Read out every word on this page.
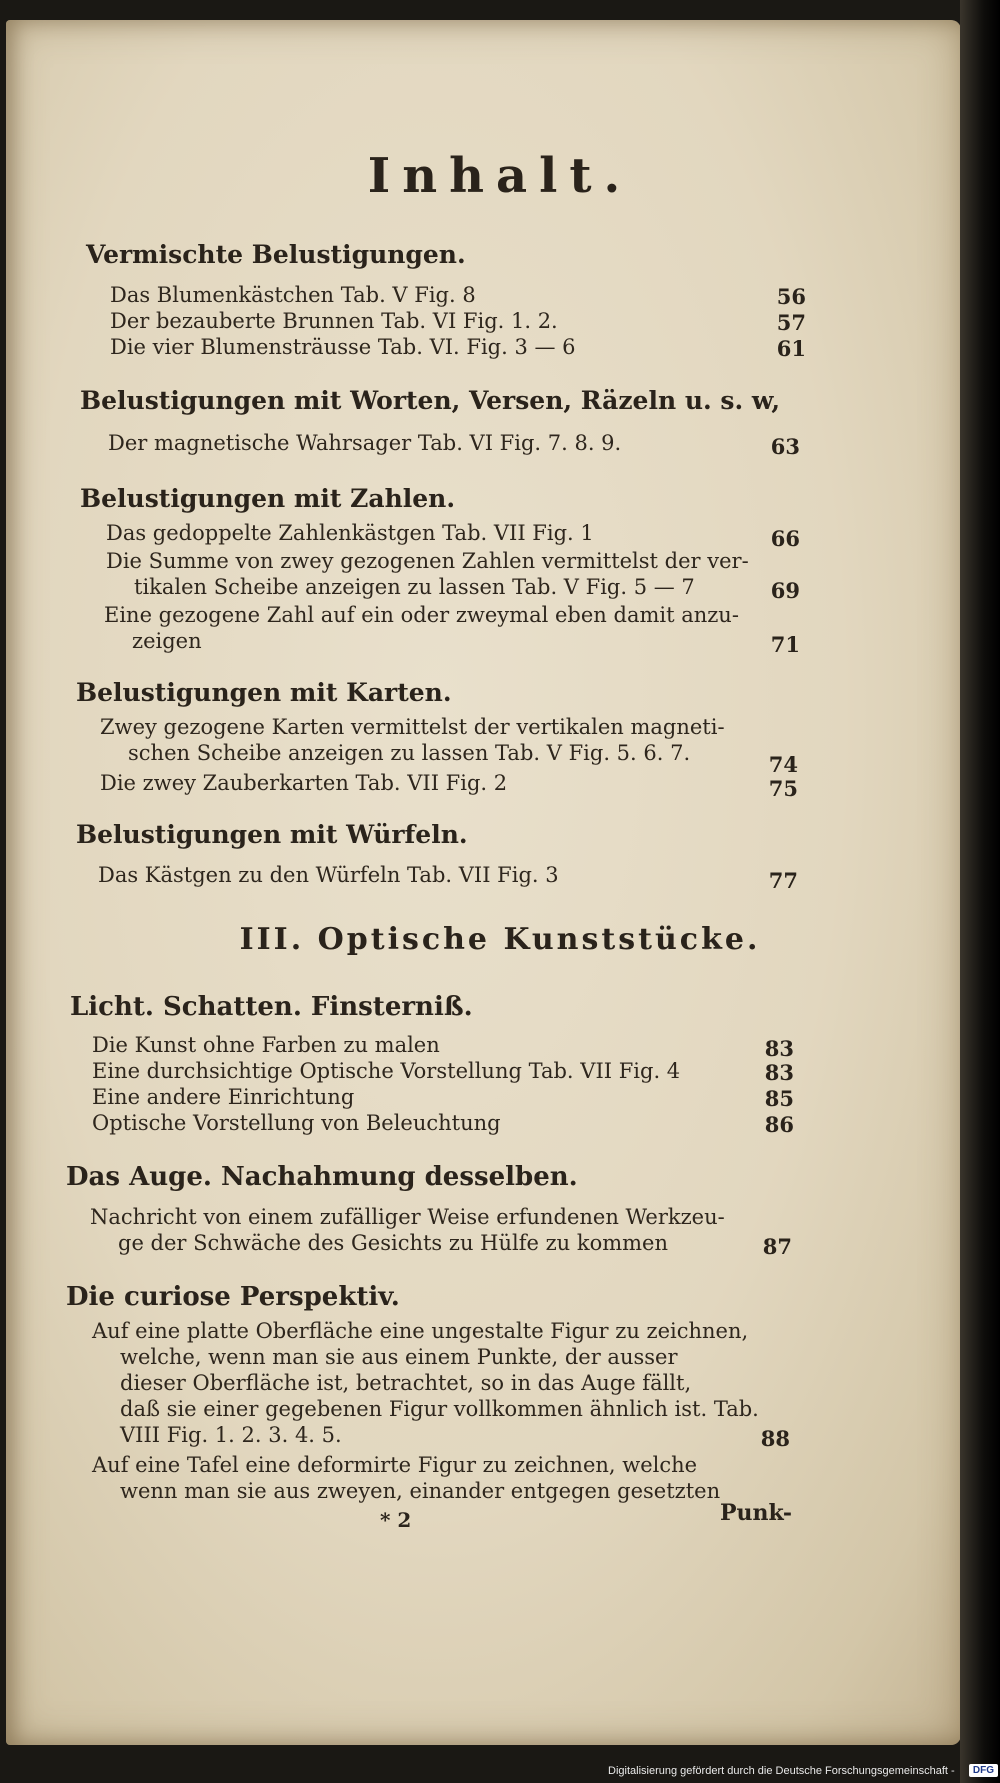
Inhalt.
Vermischte Belustigungen.
Das Blumenkästchen Tab. V Fig. 8	56
Der bezauberte Brunnen Tab. VI Fig. 1. 2.	57
Die vier Blumensträusse Tab. VI. Fig. 3 — 6	61
Belustigungen mit Worten, Versen, Räzeln u. s. w,
Der magnetische Wahrsager Tab. VI Fig. 7. 8. 9.	63
Belustigungen mit Zahlen.
Das gedoppelte Zahlenkästgen Tab. VII Fig. 1	66
Die Summe von zwey gezogenen Zahlen vermittelst der ver-
tikalen Scheibe anzeigen zu lassen Tab. V Fig. 5 — 7	69
Eine gezogene Zahl auf ein oder zweymal eben damit anzu-
zeigen	71
Belustigungen mit Karten.
Zwey gezogene Karten vermittelst der vertikalen magneti-
schen Scheibe anzeigen zu lassen Tab. V Fig. 5. 6. 7.	74
Die zwey Zauberkarten Tab. VII Fig. 2	75
Belustigungen mit Würfeln.
Das Kästgen zu den Würfeln Tab. VII Fig. 3	77
III. Optische Kunststücke.
Licht. Schatten. Finsterniß.
Die Kunst ohne Farben zu malen	83
Eine durchsichtige Optische Vorstellung Tab. VII Fig. 4	83
Eine andere Einrichtung	85
Optische Vorstellung von Beleuchtung	86
Das Auge. Nachahmung desselben.
Nachricht von einem zufälliger Weise erfundenen Werkzeu-
ge der Schwäche des Gesichts zu Hülfe zu kommen	87
Die curiose Perspektiv.
Auf eine platte Oberfläche eine ungestalte Figur zu zeichnen,
welche, wenn man sie aus einem Punkte, der ausser
dieser Oberfläche ist, betrachtet, so in das Auge fällt,
daß sie einer gegebenen Figur vollkommen ähnlich ist. Tab.
VIII Fig. 1. 2. 3. 4. 5.	88
Auf eine Tafel eine deformirte Figur zu zeichnen, welche
wenn man sie aus zweyen, einander entgegen gesetzten
* 2	Punk-
Digitalisierung gefördert durch die Deutsche Forschungsgemeinschaft -	DFG
